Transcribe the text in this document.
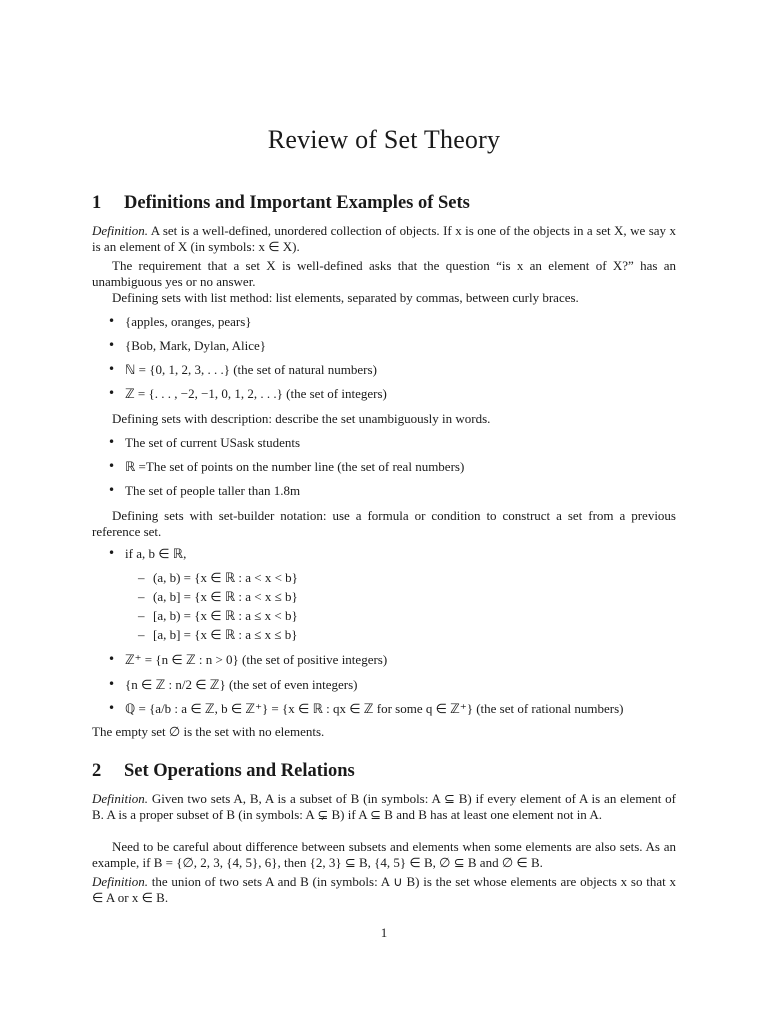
Review of Set Theory
1 Definitions and Important Examples of Sets
Definition. A set is a well-defined, unordered collection of objects. If x is one of the objects in a set X, we say x is an element of X (in symbols: x ∈ X).
The requirement that a set X is well-defined asks that the question “is x an element of X?” has an unambiguous yes or no answer.
Defining sets with list method: list elements, separated by commas, between curly braces.
• {apples, oranges, pears}
• {Bob, Mark, Dylan, Alice}
• ℕ = {0, 1, 2, 3, . . .} (the set of natural numbers)
• ℤ = {. . . , −2, −1, 0, 1, 2, . . .} (the set of integers)
Defining sets with description: describe the set unambiguously in words.
• The set of current USask students
• ℝ =The set of points on the number line (the set of real numbers)
• The set of people taller than 1.8m
Defining sets with set-builder notation: use a formula or condition to construct a set from a previous reference set.
• if a, b ∈ ℝ,
– (a, b) = {x ∈ ℝ : a < x < b}
– (a, b] = {x ∈ ℝ : a < x ≤ b}
– [a, b) = {x ∈ ℝ : a ≤ x < b}
– [a, b] = {x ∈ ℝ : a ≤ x ≤ b}
• ℤ⁺ = {n ∈ ℤ : n > 0} (the set of positive integers)
• {n ∈ ℤ : n/2 ∈ ℤ} (the set of even integers)
• ℚ = {a/b : a ∈ ℤ, b ∈ ℤ⁺} = {x ∈ ℝ : qx ∈ ℤ for some q ∈ ℤ⁺} (the set of rational numbers)
The empty set ∅ is the set with no elements.
2 Set Operations and Relations
Definition. Given two sets A, B, A is a subset of B (in symbols: A ⊆ B) if every element of A is an element of B. A is a proper subset of B (in symbols: A ⊊ B) if A ⊆ B and B has at least one element not in A.
Need to be careful about difference between subsets and elements when some elements are also sets. As an example, if B = {∅, 2, 3, {4, 5}, 6}, then {2, 3} ⊆ B, {4, 5} ∈ B, ∅ ⊆ B and ∅ ∈ B.
Definition. the union of two sets A and B (in symbols: A ∪ B) is the set whose elements are objects x so that x ∈ A or x ∈ B.
1
